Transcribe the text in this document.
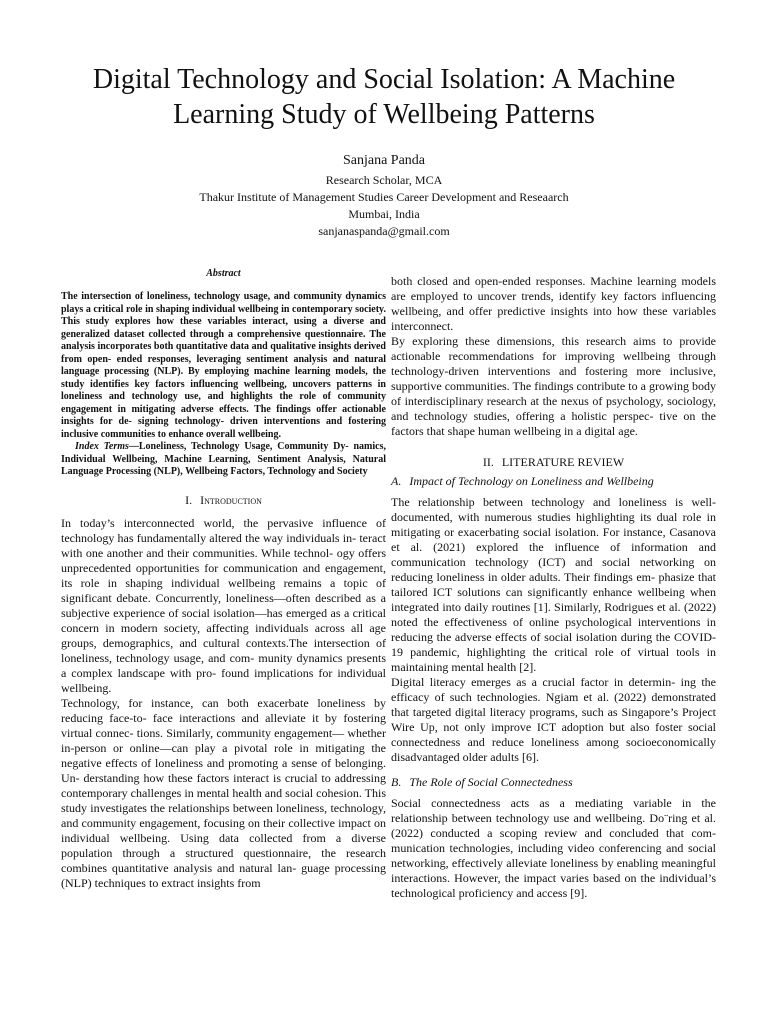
Digital Technology and Social Isolation: A Machine Learning Study of Wellbeing Patterns
Sanjana Panda
Research Scholar, MCA
Thakur Institute of Management Studies Career Development and Reseaarch
Mumbai, India
sanjanaspanda@gmail.com
Abstract

The intersection of loneliness, technology usage, and community dynamics plays a critical role in shaping individual wellbeing in contemporary society. This study explores how these variables interact, using a diverse and generalized dataset collected through a comprehensive questionnaire. The analysis incorporates both quantitative data and qualitative insights derived from open- ended responses, leveraging sentiment analysis and natural language processing (NLP). By employing machine learning models, the study identifies key factors influencing wellbeing, uncovers patterns in loneliness and technology use, and highlights the role of community engagement in mitigating adverse effects. The findings offer actionable insights for de- signing technology- driven interventions and fostering inclusive communities to enhance overall wellbeing.

Index Terms—Loneliness, Technology Usage, Community Dy- namics, Individual Wellbeing, Machine Learning, Sentiment Analysis, Natural Language Processing (NLP), Wellbeing Factors, Technology and Society

I. Introduction

In today’s interconnected world, the pervasive influence of technology has fundamentally altered the way individuals in- teract with one another and their communities. While technol- ogy offers unprecedented opportunities for communication and engagement, its role in shaping individual wellbeing remains a topic of significant debate. Concurrently, loneliness—often described as a subjective experience of social isolation—has emerged as a critical concern in modern society, affecting individuals across all age groups, demographics, and cultural contexts.The intersection of loneliness, technology usage, and com- munity dynamics presents a complex landscape with pro- found implications for individual wellbeing.

Technology, for instance, can both exacerbate loneliness by reducing face-to- face interactions and alleviate it by fostering virtual connec- tions. Similarly, community engagement— whether in-person or online—can play a pivotal role in mitigating the negative effects of loneliness and promoting a sense of belonging. Un- derstanding how these factors interact is crucial to addressing contemporary challenges in mental health and social cohesion. This study investigates the relationships between loneliness, technology, and community engagement, focusing on their collective impact on individual wellbeing. Using data collected from a diverse population through a structured questionnaire, the research combines quantitative analysis and natural lan- guage processing (NLP) techniques to extract insights from

both closed and open-ended responses. Machine learning models are employed to uncover trends, identify key factors influencing wellbeing, and offer predictive insights into how these variables interconnect.

By exploring these dimensions, this research aims to provide actionable recommendations for improving wellbeing through technology-driven interventions and fostering more inclusive, supportive communities. The findings contribute to a growing body of interdisciplinary research at the nexus of psychology, sociology, and technology studies, offering a holistic perspec- tive on the factors that shape human wellbeing in a digital age.

II. LITERATURE REVIEW
A. Impact of Technology on Loneliness and Wellbeing

The relationship between technology and loneliness is well- documented, with numerous studies highlighting its dual role in mitigating or exacerbating social isolation. For instance, Casanova et al. (2021) explored the influence of information and communication technology (ICT) and social networking on reducing loneliness in older adults. Their findings em- phasize that tailored ICT solutions can significantly enhance wellbeing when integrated into daily routines [1]. Similarly, Rodrigues et al. (2022) noted the effectiveness of online psychological interventions in reducing the adverse effects of social isolation during the COVID-19 pandemic, highlighting the critical role of virtual tools in maintaining mental health [2].

Digital literacy emerges as a crucial factor in determin- ing the efficacy of such technologies. Ngiam et al. (2022) demonstrated that targeted digital literacy programs, such as Singapore’s Project Wire Up, not only improve ICT adoption but also foster social connectedness and reduce loneliness among socioeconomically disadvantaged older adults [6].

B. The Role of Social Connectedness

Social connectedness acts as a mediating variable in the relationship between technology use and wellbeing. Do¨ring et al. (2022) conducted a scoping review and concluded that com- munication technologies, including video conferencing and social networking, effectively alleviate loneliness by enabling meaningful interactions. However, the impact varies based on the individual’s technological proficiency and access [9].
